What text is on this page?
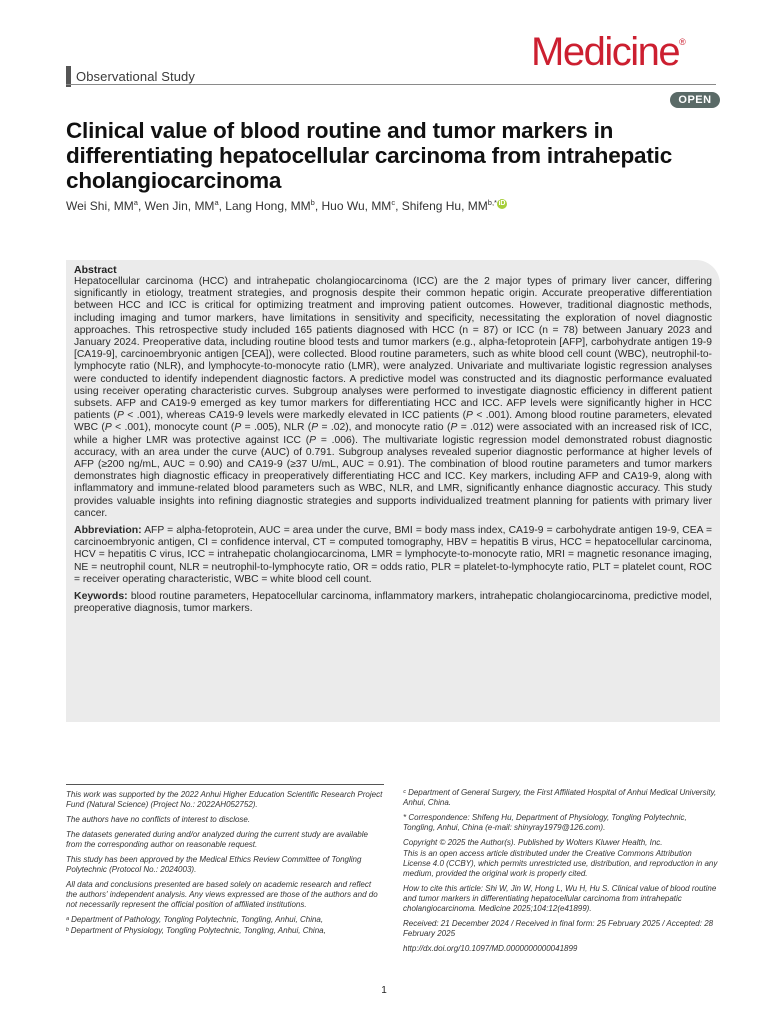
Observational Study
Medicine®
OPEN
Clinical value of blood routine and tumor markers in differentiating hepatocellular carcinoma from intrahepatic cholangiocarcinoma
Wei Shi, $MM^a$, Wen Jin, $MM^a$, Lang Hong, $MM^b$, Huo Wu, $MM^c$, Shifeng Hu, $MM^{b,*}$ iD
Abstract

Hepatocellular carcinoma (HCC) and intrahepatic cholangiocarcinoma (ICC) are the 2 major types of primary liver cancer, differing significantly in etiology, treatment strategies, and prognosis despite their common hepatic origin. Accurate preoperative differentiation between HCC and ICC is critical for optimizing treatment and improving patient outcomes. However, traditional diagnostic methods, including imaging and tumor markers, have limitations in sensitivity and specificity, necessitating the exploration of novel diagnostic approaches. This retrospective study included 165 patients diagnosed with HCC (n = 87) or ICC (n = 78) between January 2023 and January 2024. Preoperative data, including routine blood tests and tumor markers (e.g., alpha-fetoprotein [AFP], carbohydrate antigen 19-9 [CA19-9], carcinoembryonic antigen [CEA]), were collected. Blood routine parameters, such as white blood cell count (WBC), neutrophil-to-lymphocyte ratio (NLR), and lymphocyte-to-monocyte ratio (LMR), were analyzed. Univariate and multivariate logistic regression analyses were conducted to identify independent diagnostic factors. A predictive model was constructed and its diagnostic performance evaluated using receiver operating characteristic curves. Subgroup analyses were performed to investigate diagnostic efficiency in different patient subsets. AFP and CA19-9 emerged as key tumor markers for differentiating HCC and ICC. AFP levels were significantly higher in HCC patients (P < .001), whereas CA19-9 levels were markedly elevated in ICC patients (P < .001). Among blood routine parameters, elevated WBC (P < .001), monocyte count (P = .005), NLR (P = .02), and monocyte ratio (P = .012) were associated with an increased risk of ICC, while a higher LMR was protective against ICC (P = .006). The multivariate logistic regression model demonstrated robust diagnostic accuracy, with an area under the curve (AUC) of 0.791. Subgroup analyses revealed superior diagnostic performance at higher levels of AFP (≥200 ng/mL, AUC = 0.90) and CA19-9 (≥37 U/mL, AUC = 0.91). The combination of blood routine parameters and tumor markers demonstrates high diagnostic efficacy in preoperatively differentiating HCC and ICC. Key markers, including AFP and CA19-9, along with inflammatory and immune-related blood parameters such as WBC, NLR, and LMR, significantly enhance diagnostic accuracy. This study provides valuable insights into refining diagnostic strategies and supports individualized treatment planning for patients with primary liver cancer.

Abbreviation: AFP = alpha-fetoprotein, AUC = area under the curve, BMI = body mass index, CA19-9 = carbohydrate antigen 19-9, CEA = carcinoembryonic antigen, CI = confidence interval, CT = computed tomography, HBV = hepatitis B virus, HCC = hepatocellular carcinoma, HCV = hepatitis C virus, ICC = intrahepatic cholangiocarcinoma, LMR = lymphocyte-to-monocyte ratio, MRI = magnetic resonance imaging, NE = neutrophil count, NLR = neutrophil-to-lymphocyte ratio, OR = odds ratio, PLR = platelet-to-lymphocyte ratio, PLT = platelet count, ROC = receiver operating characteristic, WBC = white blood cell count.

Keywords: blood routine parameters, Hepatocellular carcinoma, inflammatory markers, intrahepatic cholangiocarcinoma, predictive model, preoperative diagnosis, tumor markers.

This work was supported by the 2022 Anhui Higher Education Scientific Research Project Fund (Natural Science) (Project No.: 2022AH052752).

The authors have no conflicts of interest to disclose.

The datasets generated during and/or analyzed during the current study are available from the corresponding author on reasonable request.

This study has been approved by the Medical Ethics Review Committee of Tongling Polytechnic (Protocol No.: 2024003).

All data and conclusions presented are based solely on academic research and reflect the authors' independent analysis. Any views expressed are those of the authors and do not necessarily represent the official position of affiliated institutions.

ᵃ Department of Pathology, Tongling Polytechnic, Tongling, Anhui, China,

ᵇ Department of Physiology, Tongling Polytechnic, Tongling, Anhui, China,

ᶜ Department of General Surgery, the First Affiliated Hospital of Anhui Medical University, Anhui, China.

* Correspondence: Shifeng Hu, Department of Physiology, Tongling Polytechnic, Tongling, Anhui, China (e-mail: shinyray1979@126.com).

Copyright © 2025 the Author(s). Published by Wolters Kluwer Health, Inc.

This is an open access article distributed under the Creative Commons Attribution License 4.0 (CCBY), which permits unrestricted use, distribution, and reproduction in any medium, provided the original work is properly cited.

How to cite this article: Shi W, Jin W, Hong L, Wu H, Hu S. Clinical value of blood routine and tumor markers in differentiating hepatocellular carcinoma from intrahepatic cholangiocarcinoma. Medicine 2025;104:12(e41899).

Received: 21 December 2024 / Received in final form: 25 February 2025 / Accepted: 28 February 2025

http://dx.doi.org/10.1097/MD.0000000000041899

1
